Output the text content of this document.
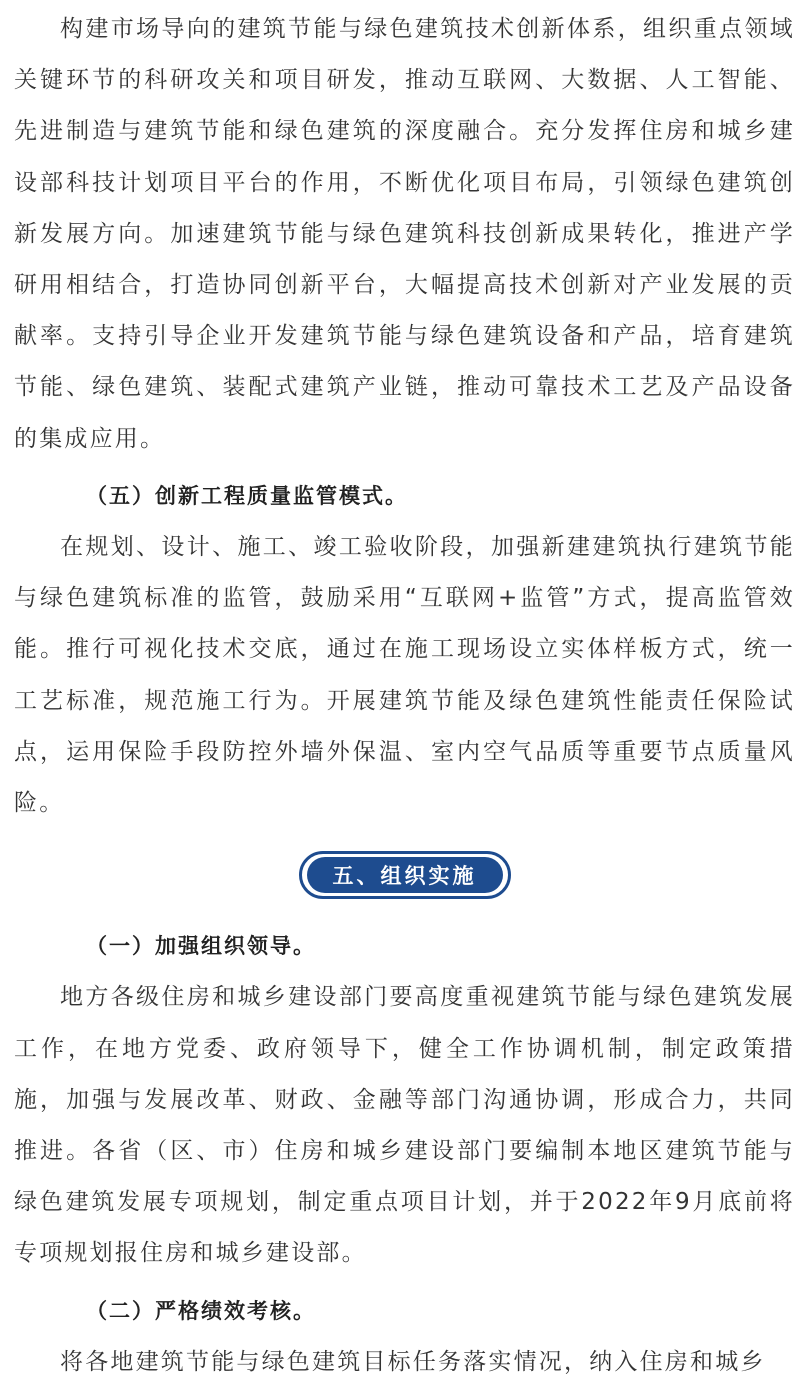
构建市场导向的建筑节能与绿色建筑技术创新体系，组织重点领域关键环节的科研攻关和项目研发，推动互联网、大数据、人工智能、先进制造与建筑节能和绿色建筑的深度融合。充分发挥住房和城乡建设部科技计划项目平台的作用，不断优化项目布局，引领绿色建筑创新发展方向。加速建筑节能与绿色建筑科技创新成果转化，推进产学研用相结合，打造协同创新平台，大幅提高技术创新对产业发展的贡献率。支持引导企业开发建筑节能与绿色建筑设备和产品，培育建筑节能、绿色建筑、装配式建筑产业链，推动可靠技术工艺及产品设备的集成应用。

（五）创新工程质量监管模式。

在规划、设计、施工、竣工验收阶段，加强新建建筑执行建筑节能与绿色建筑标准的监管，鼓励采用“互联网+监管”方式，提高监管效能。推行可视化技术交底，通过在施工现场设立实体样板方式，统一工艺标准，规范施工行为。开展建筑节能及绿色建筑性能责任保险试点，运用保险手段防控外墙外保温、室内空气品质等重要节点质量风险。

五、组织实施

（一）加强组织领导。

地方各级住房和城乡建设部门要高度重视建筑节能与绿色建筑发展工作，在地方党委、政府领导下，健全工作协调机制，制定政策措施，加强与发展改革、财政、金融等部门沟通协调，形成合力，共同推进。各省（区、市）住房和城乡建设部门要编制本地区建筑节能与绿色建筑发展专项规划，制定重点项目计划，并于2022年9月底前将专项规划报住房和城乡建设部。

（二）严格绩效考核。

将各地建筑节能与绿色建筑目标任务落实情况，纳入住房和城乡
